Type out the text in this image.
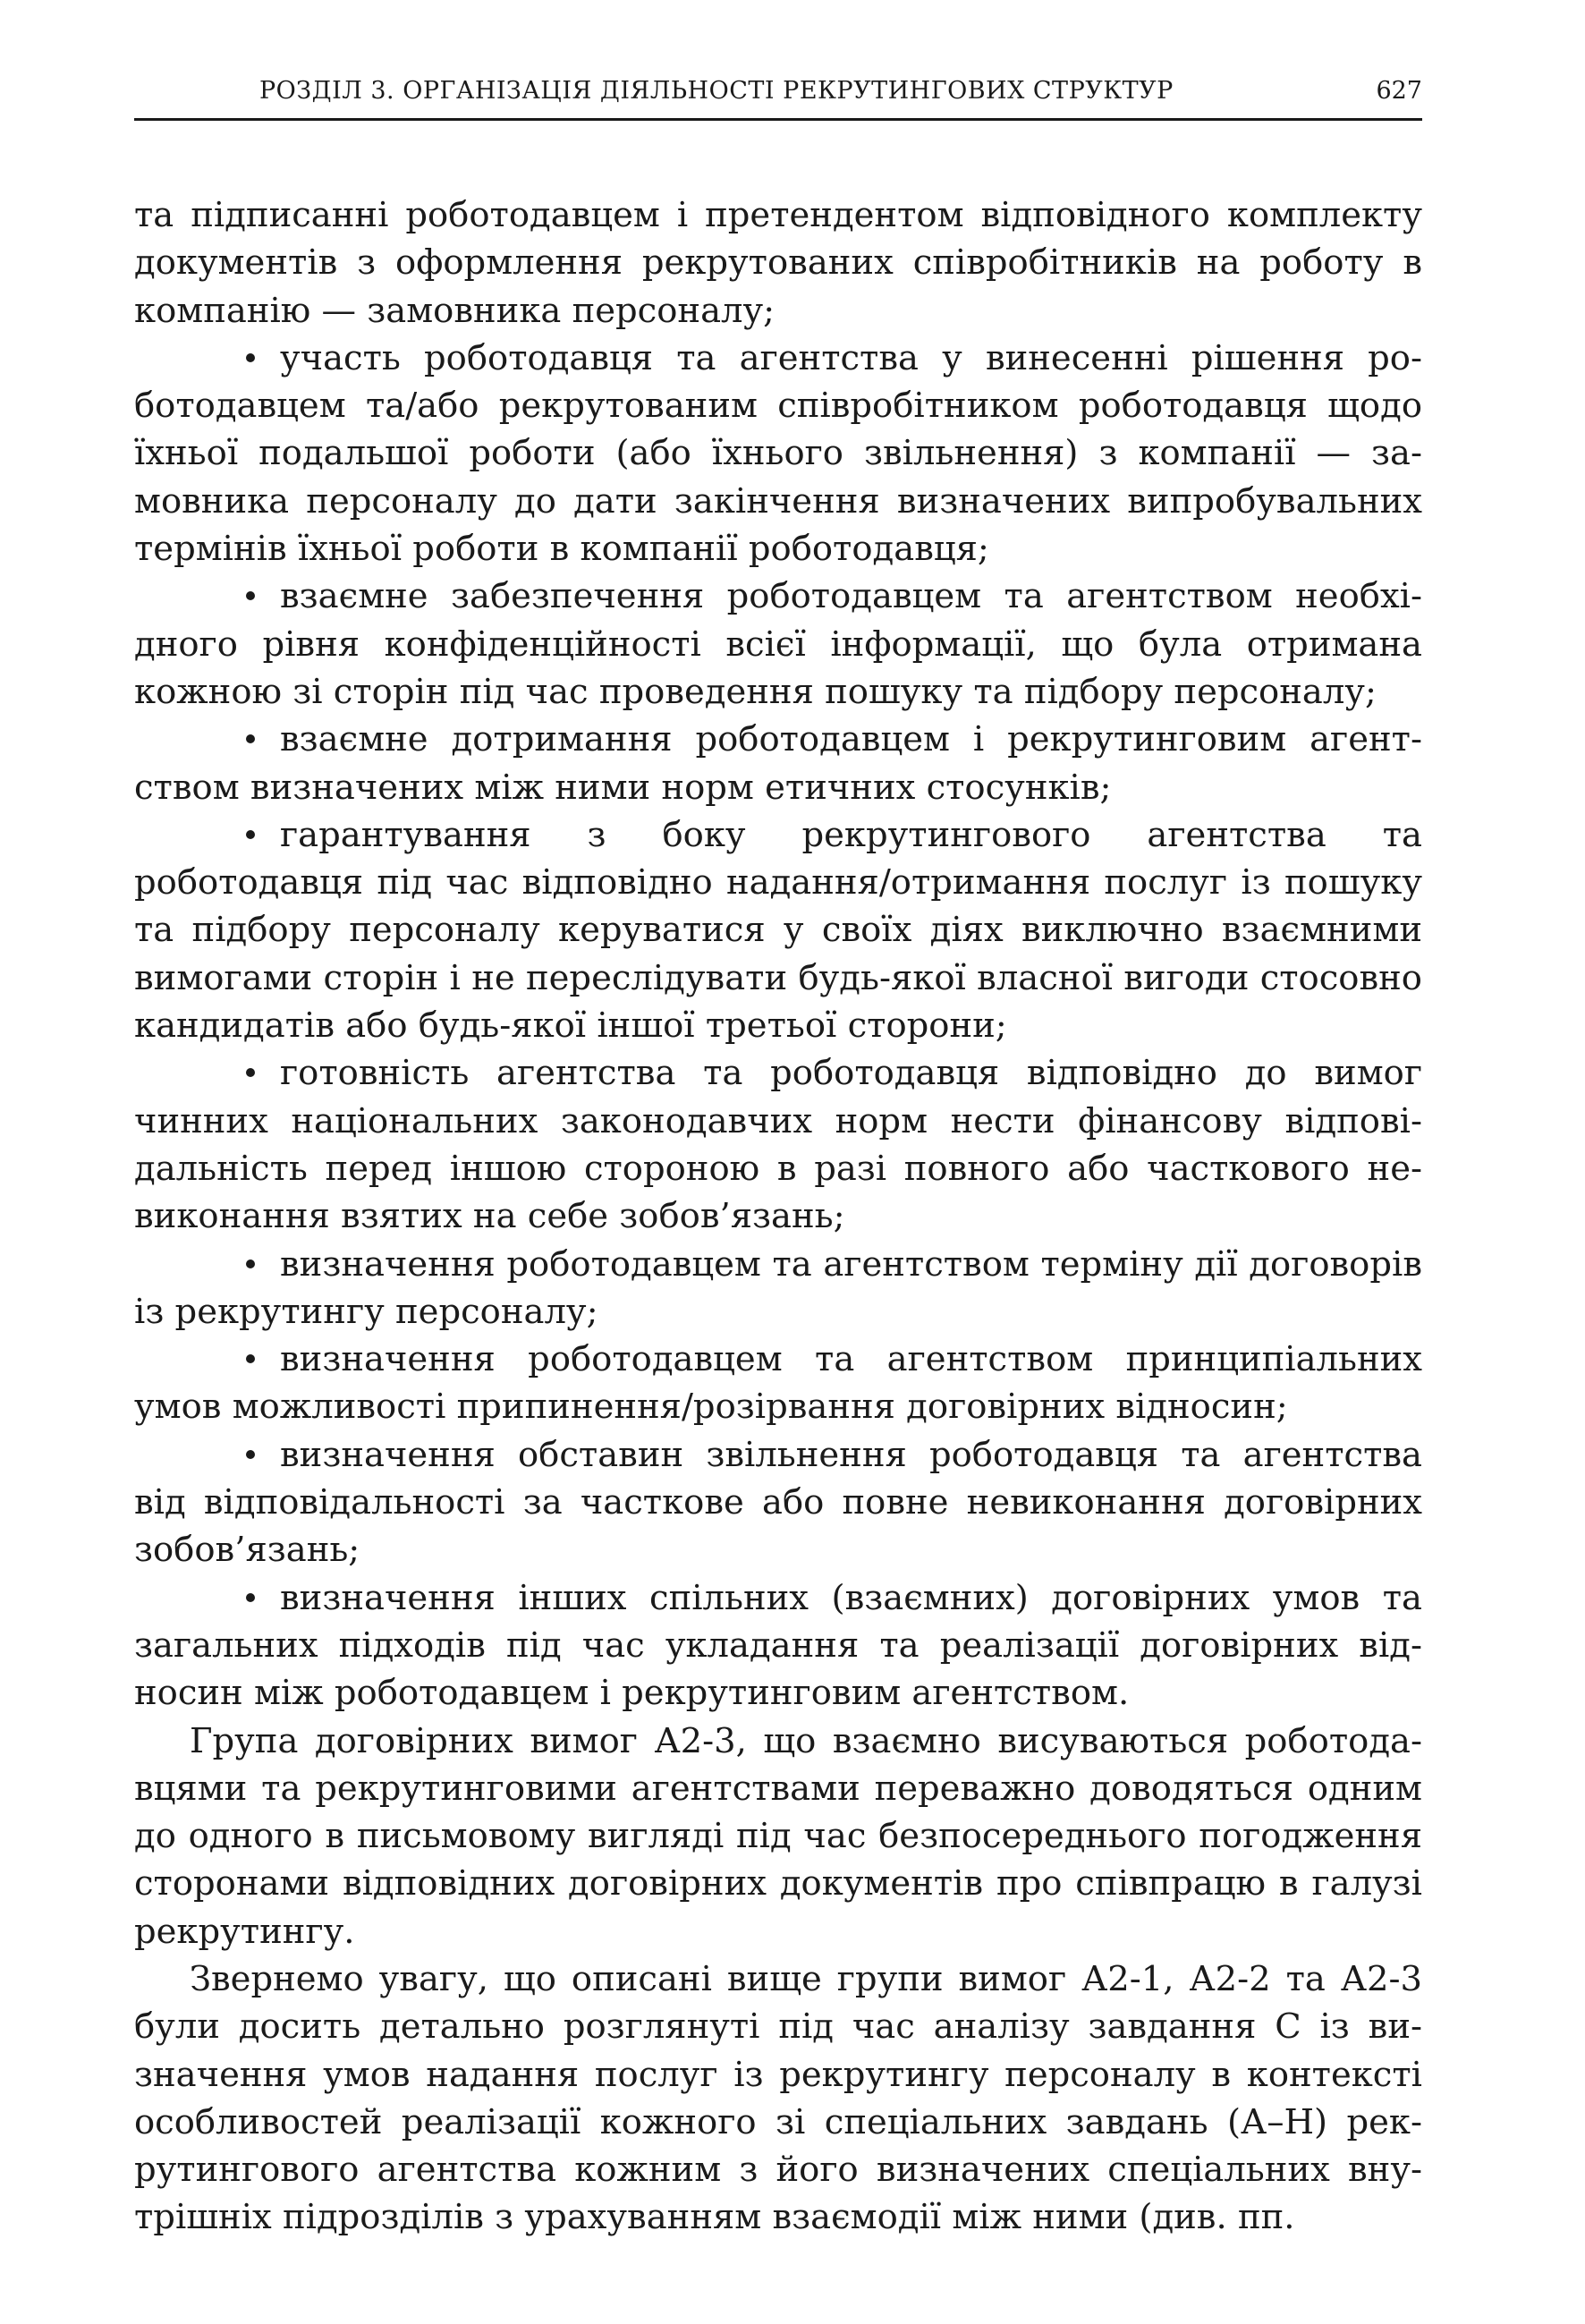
РОЗДІЛ 3. ОРГАНІЗАЦІЯ ДІЯЛЬНОСТІ РЕКРУТИНГОВИХ СТРУКТУР	627

та підписанні роботодавцем і претендентом відповідного комплекту документів з оформлення рекрутованих співробітників на роботу в компанію — замовника персоналу;

участь роботодавця та агентства у винесенні рішення роботодавцем та/або рекрутованим співробітником роботодавця щодо їхньої подальшої роботи (або їхнього звільнення) з компанії — замовника персоналу до дати закінчення визначених випробувальних термінів їхньої роботи в компанії роботодавця;

взаємне забезпечення роботодавцем та агентством необхідного рівня конфіденційності всієї інформації, що була отримана кожною зі сторін під час проведення пошуку та підбору персоналу;

взаємне дотримання роботодавцем і рекрутинговим агентством визначених між ними норм етичних стосунків;

гарантування з боку рекрутингового агентства та роботодавця під час відповідно надання/отримання послуг із пошуку та підбору персоналу керуватися у своїх діях виключно взаємними вимогами сторін і не переслідувати будь-якої власної вигоди стосовно кандидатів або будь-якої іншої третьої сторони;

готовність агентства та роботодавця відповідно до вимог чинних національних законодавчих норм нести фінансову відповідальність перед іншою стороною в разі повного або часткового невиконання взятих на себе зобов’язань;

визначення роботодавцем та агентством терміну дії договорів із рекрутингу персоналу;

визначення роботодавцем та агентством принципіальних умов можливості припинення/розірвання договірних відносин;

визначення обставин звільнення роботодавця та агентства від відповідальності за часткове або повне невиконання договірних зобов’язань;

визначення інших спільних (взаємних) договірних умов та загальних підходів під час укладання та реалізації договірних відносин між роботодавцем і рекрутинговим агентством.

Група договірних вимог А2-3, що взаємно висуваються роботодавцями та рекрутинговими агентствами переважно доводяться одним до одного в письмовому вигляді під час безпосереднього погодження сторонами відповідних договірних документів про співпрацю в галузі рекрутингу.

Звернемо увагу, що описані вище групи вимог А2-1, А2-2 та А2-3 були досить детально розглянуті під час аналізу завдання С із визначення умов надання послуг із рекрутингу персоналу в контексті особливостей реалізації кожного зі спеціальних завдань (А–Н) рекрутингового агентства кожним з його визначених спеціальних внутрішніх підрозділів з урахуванням взаємодії між ними (див. пп.
